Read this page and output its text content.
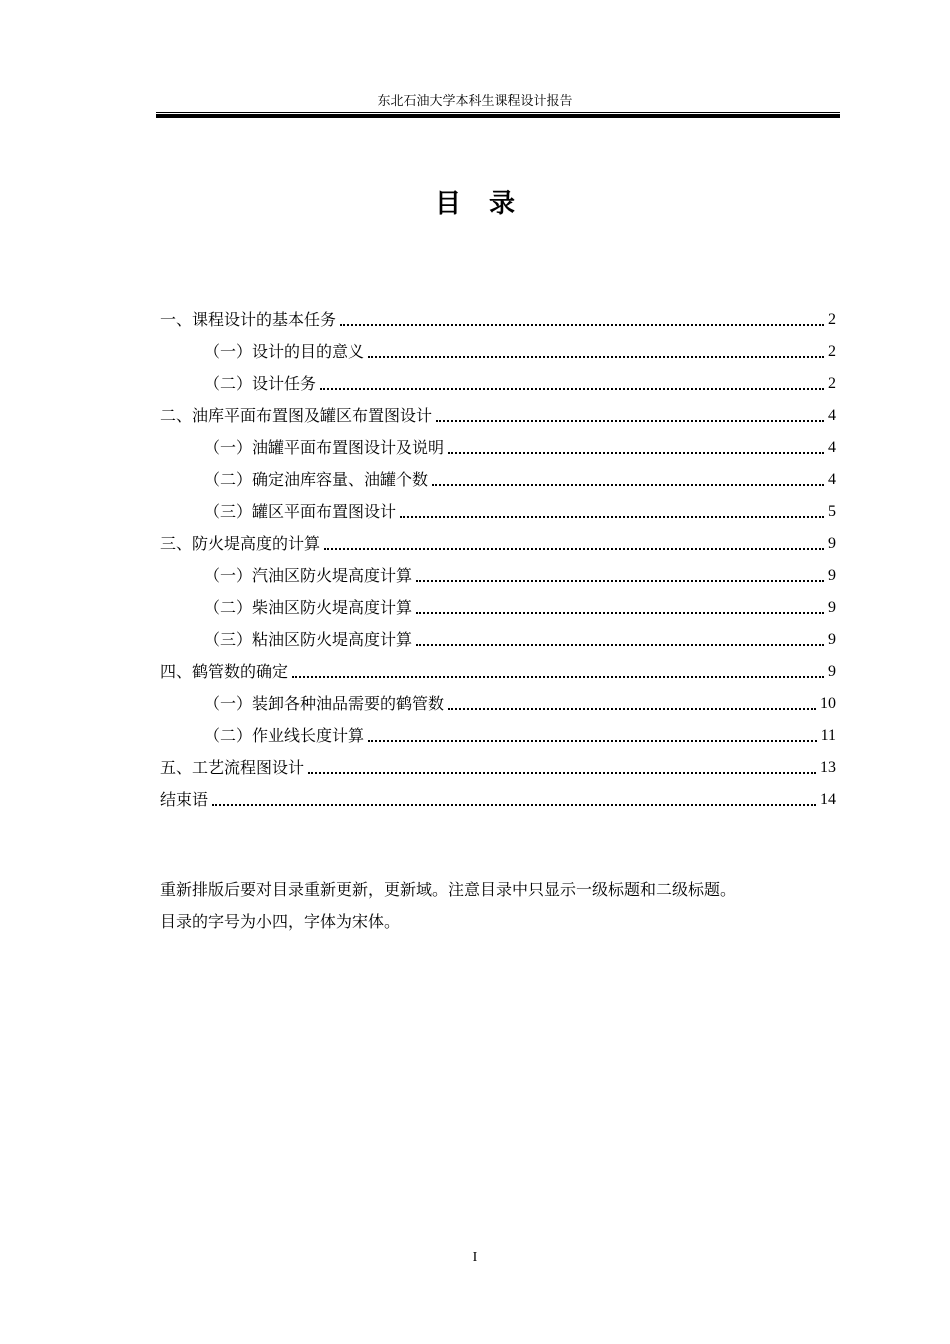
东北石油大学本科生课程设计报告
目录
一、课程设计的基本任务	2
（一）设计的目的意义	2
（二）设计任务	2
二、油库平面布置图及罐区布置图设计	4
（一）油罐平面布置图设计及说明	4
（二）确定油库容量、油罐个数	4
（三）罐区平面布置图设计	5
三、防火堤高度的计算	9
（一）汽油区防火堤高度计算	9
（二）柴油区防火堤高度计算	9
（三）粘油区防火堤高度计算	9
四、鹤管数的确定	9
（一）装卸各种油品需要的鹤管数	10
（二）作业线长度计算	11
五、工艺流程图设计	13
结束语	14
重新排版后要对目录重新更新，更新域。注意目录中只显示一级标题和二级标题。
目录的字号为小四，字体为宋体。
I
